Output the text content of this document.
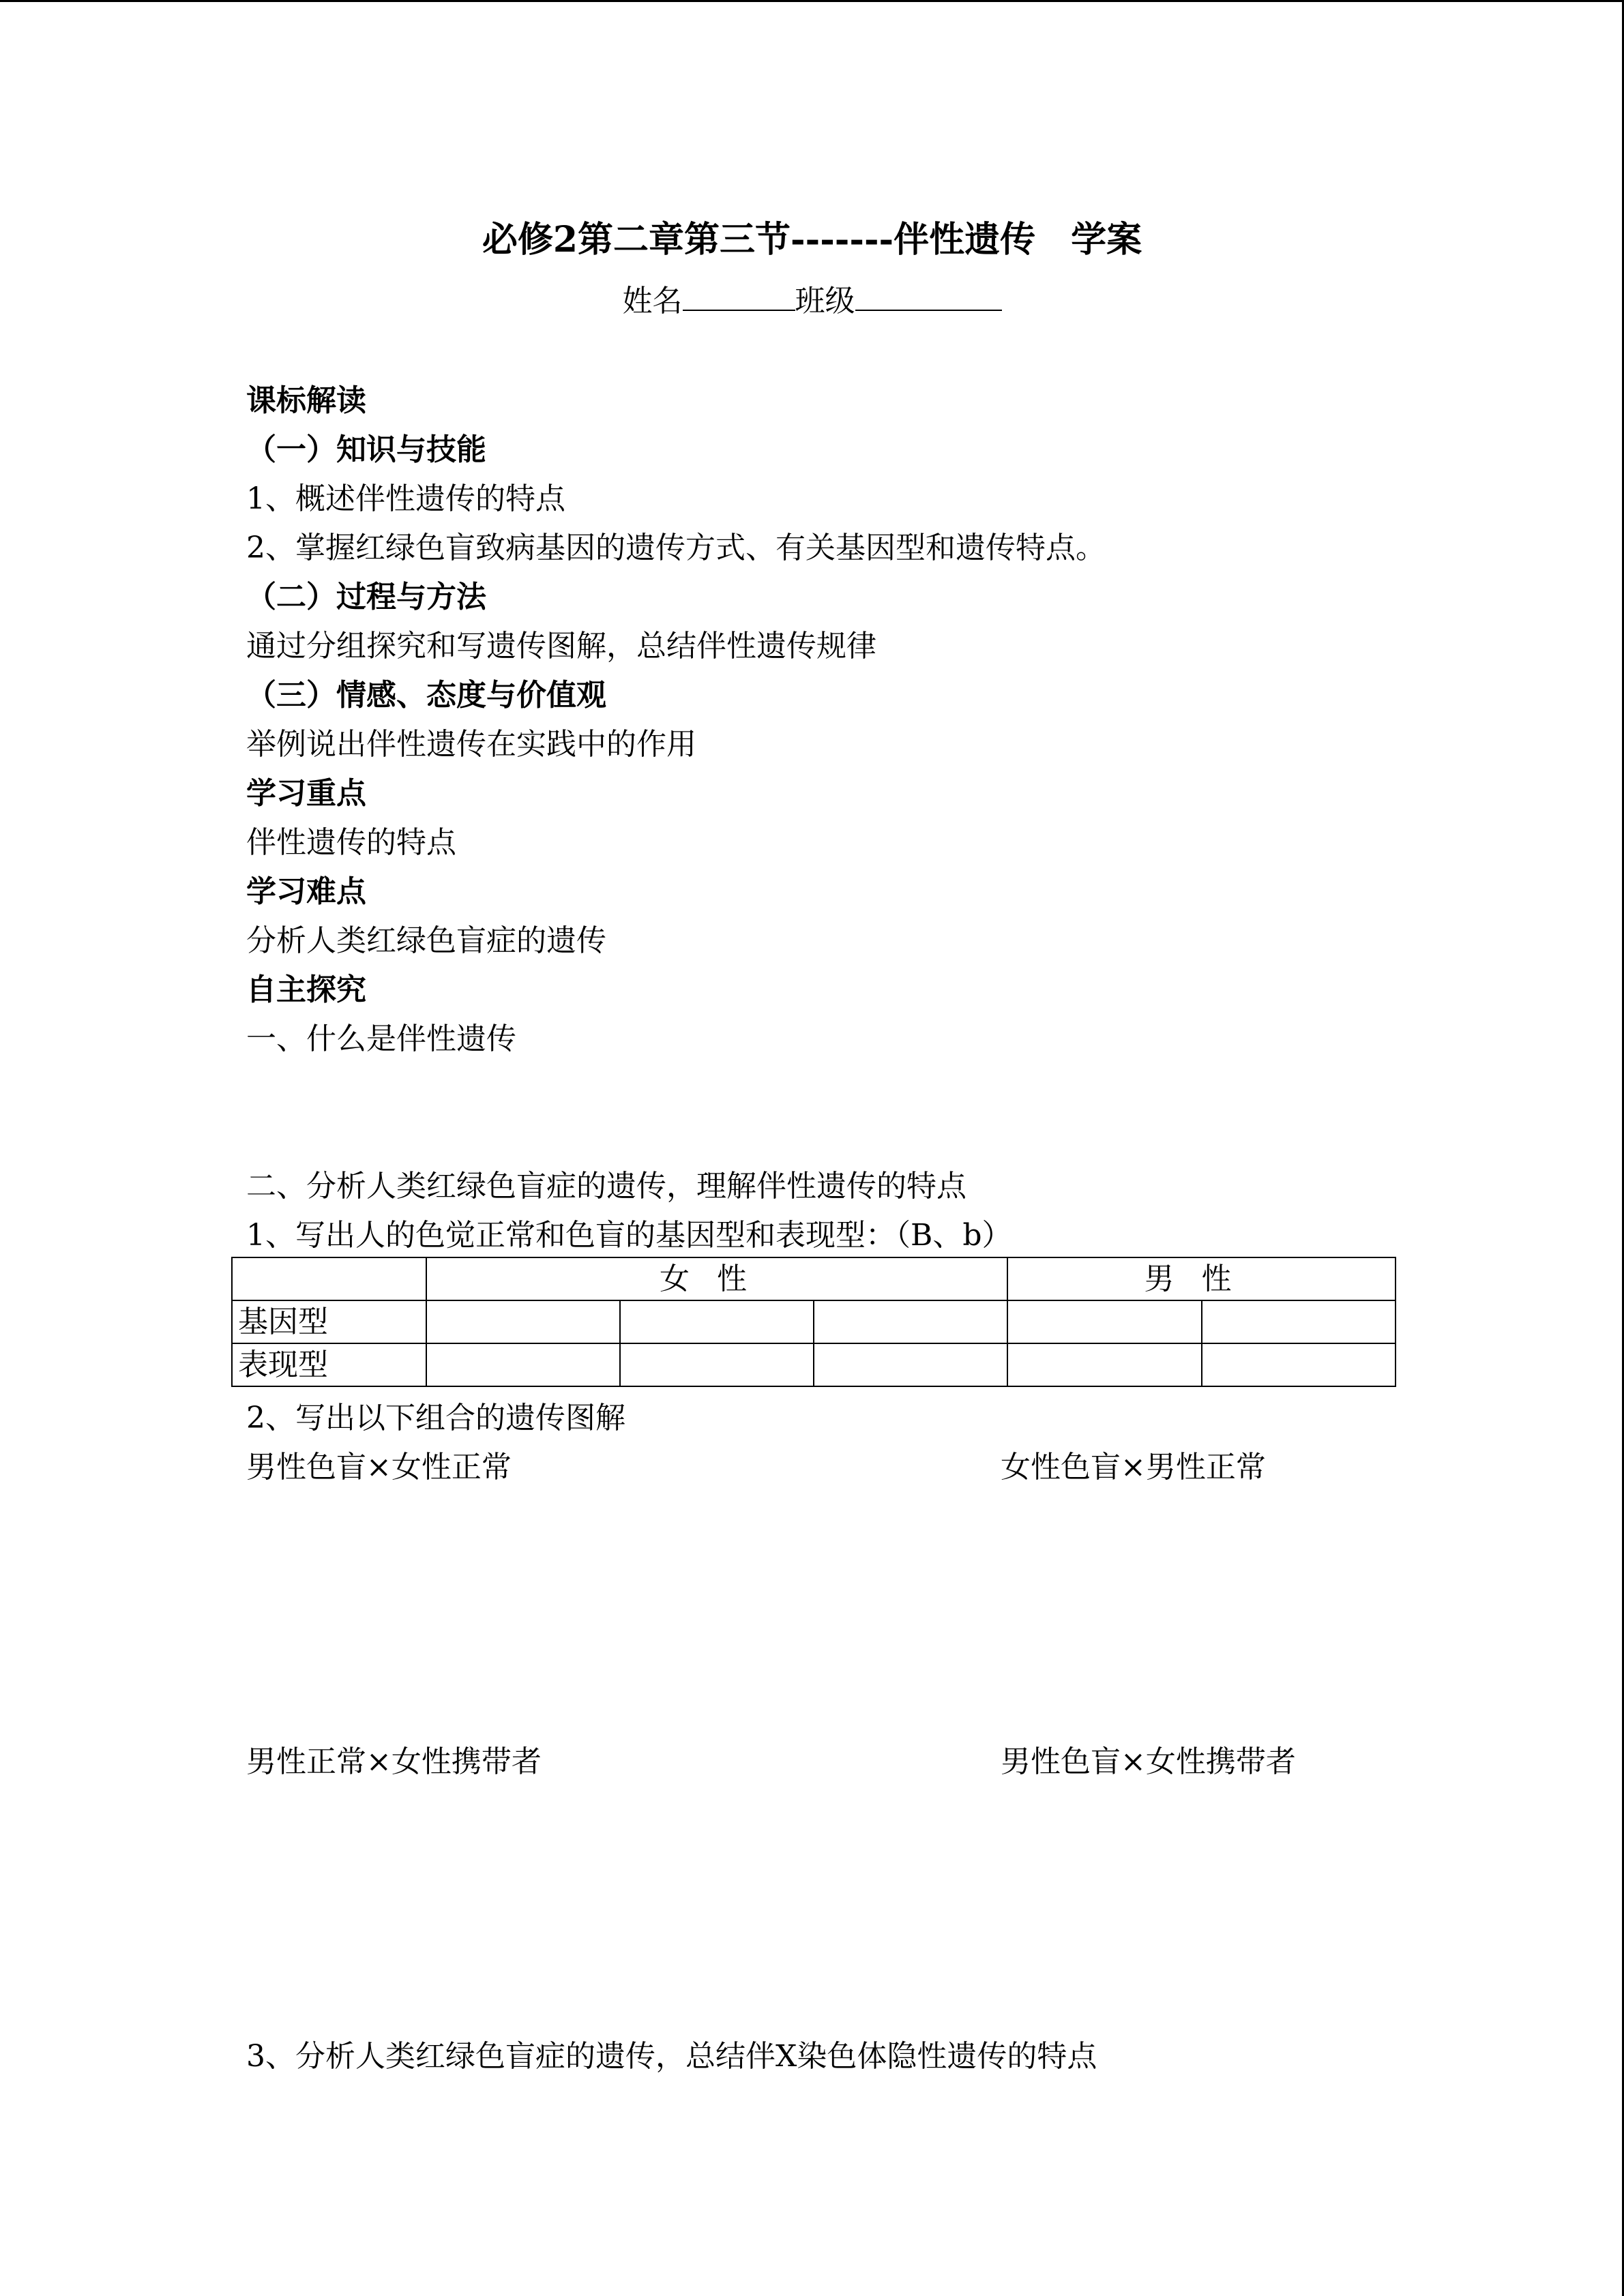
必修2第二章第三节-------伴性遗传　学案
姓名	班级
课标解读
（一）知识与技能
1、概述伴性遗传的特点
2、掌握红绿色盲致病基因的遗传方式、有关基因型和遗传特点。
（二）过程与方法
通过分组探究和写遗传图解，总结伴性遗传规律
（三）情感、态度与价值观
举例说出伴性遗传在实践中的作用
学习重点
伴性遗传的特点
学习难点
分析人类红绿色盲症的遗传
自主探究
一、什么是伴性遗传
二、分析人类红绿色盲症的遗传，理解伴性遗传的特点
1、写出人的色觉正常和色盲的基因型和表现型：（B、b）
	女性			男性	
基因型					
表现型					
2、写出以下组合的遗传图解
男性色盲×女性正常	女性色盲×男性正常
男性正常×女性携带者	男性色盲×女性携带者
3、分析人类红绿色盲症的遗传，总结伴X染色体隐性遗传的特点
